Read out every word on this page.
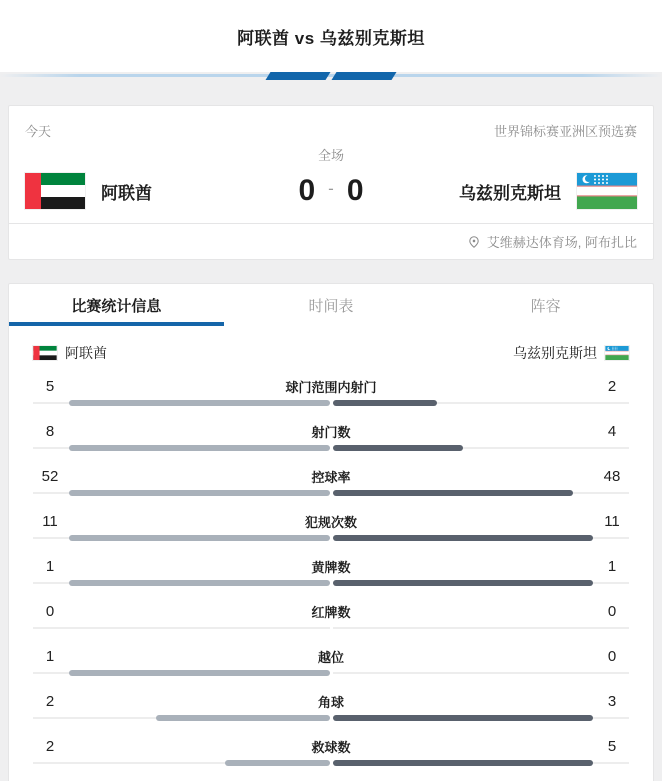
阿联酋 vs 乌兹别克斯坦
今天	世界锦标赛亚洲区预选赛
全场
阿联酋	0 - 0	乌兹别克斯坦
艾维赫达体育场, 阿布扎比
比赛统计信息	时间表	阵容
阿联酋	乌兹别克斯坦
5	球门范围内射门	2
8	射门数	4
52	控球率	48
11	犯规次数	11
1	黄牌数	1
0	红牌数	0
1	越位	0
2	角球	3
2	救球数	5
